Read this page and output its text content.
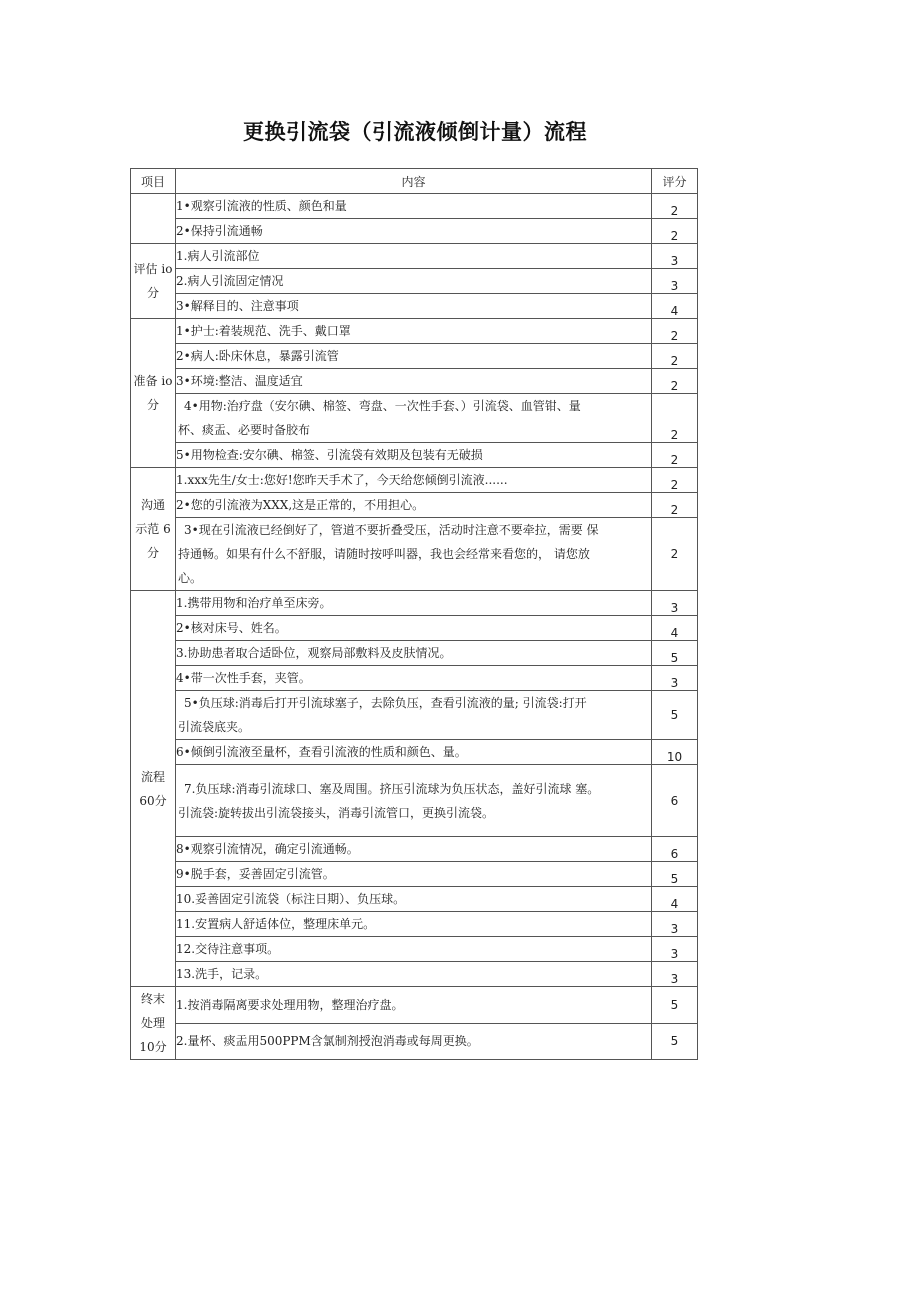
更换引流袋（引流液倾倒计量）流程
项目	内容	评分
	1•观察引流液的性质、颜色和量	2
	2•保持引流通畅	2

评估 io
分	1.病人引流部位	3
	2.病人引流固定情况	3
	3•解释目的、注意事项	4

准备 io
分	1•护士:着装规范、洗手、戴口罩	2
	2•病人:卧床休息，暴露引流管	2
	3•环境:整洁、温度适宜	2

	4•用物:治疗盘（安尔碘、棉签、弯盘、一次性手套、）引流袋、血管钳、量
杯、痰盂、必要时备胶布	2
	5•用物检查:安尔碘、棉签、引流袋有效期及包装有无破损	2

沟通
示范 6
分	1.xxx先生/女士:您好!您昨天手术了，今天给您倾倒引流液......	2
	2•您的引流液为XXX,这是正常的，不用担心。	2

	3•现在引流液已经倒好了，管道不要折叠受压，活动时注意不要牵拉，需要 保
持通畅。如果有什么不舒服，请随时按呼叫器，我也会经常来看您的， 请您放
心。	2

流程
60分	1.携带用物和治疗单至床旁。	3
	2•核对床号、姓名。	4
	3.协助患者取合适卧位，观察局部敷料及皮肤情况。	5
	4•带一次性手套，夹管。	3

	5•负压球:消毒后打开引流球塞子，去除负压，查看引流液的量; 引流袋:打开
引流袋底夹。	5
	6•倾倒引流液至量杯，查看引流液的性质和颜色、量。	10

	7.负压球:消毒引流球口、塞及周围。挤压引流球为负压状态，盖好引流球 塞。
引流袋:旋转拔出引流袋接头，消毒引流管口，更换引流袋。	6
	8•观察引流情况，确定引流通畅。	6
	9•脱手套，妥善固定引流管。	5
	10.妥善固定引流袋（标注日期）、负压球。	4
	11.安置病人舒适体位，整理床单元。	3
	12.交待注意事项。	3
	13.洗手，记录。	3

终末
处理
10分	1.按消毒隔离要求处理用物，整理治疗盘。	5
	2.量杯、痰盂用500PPM含氯制剂授泡消毒或每周更换。	5
